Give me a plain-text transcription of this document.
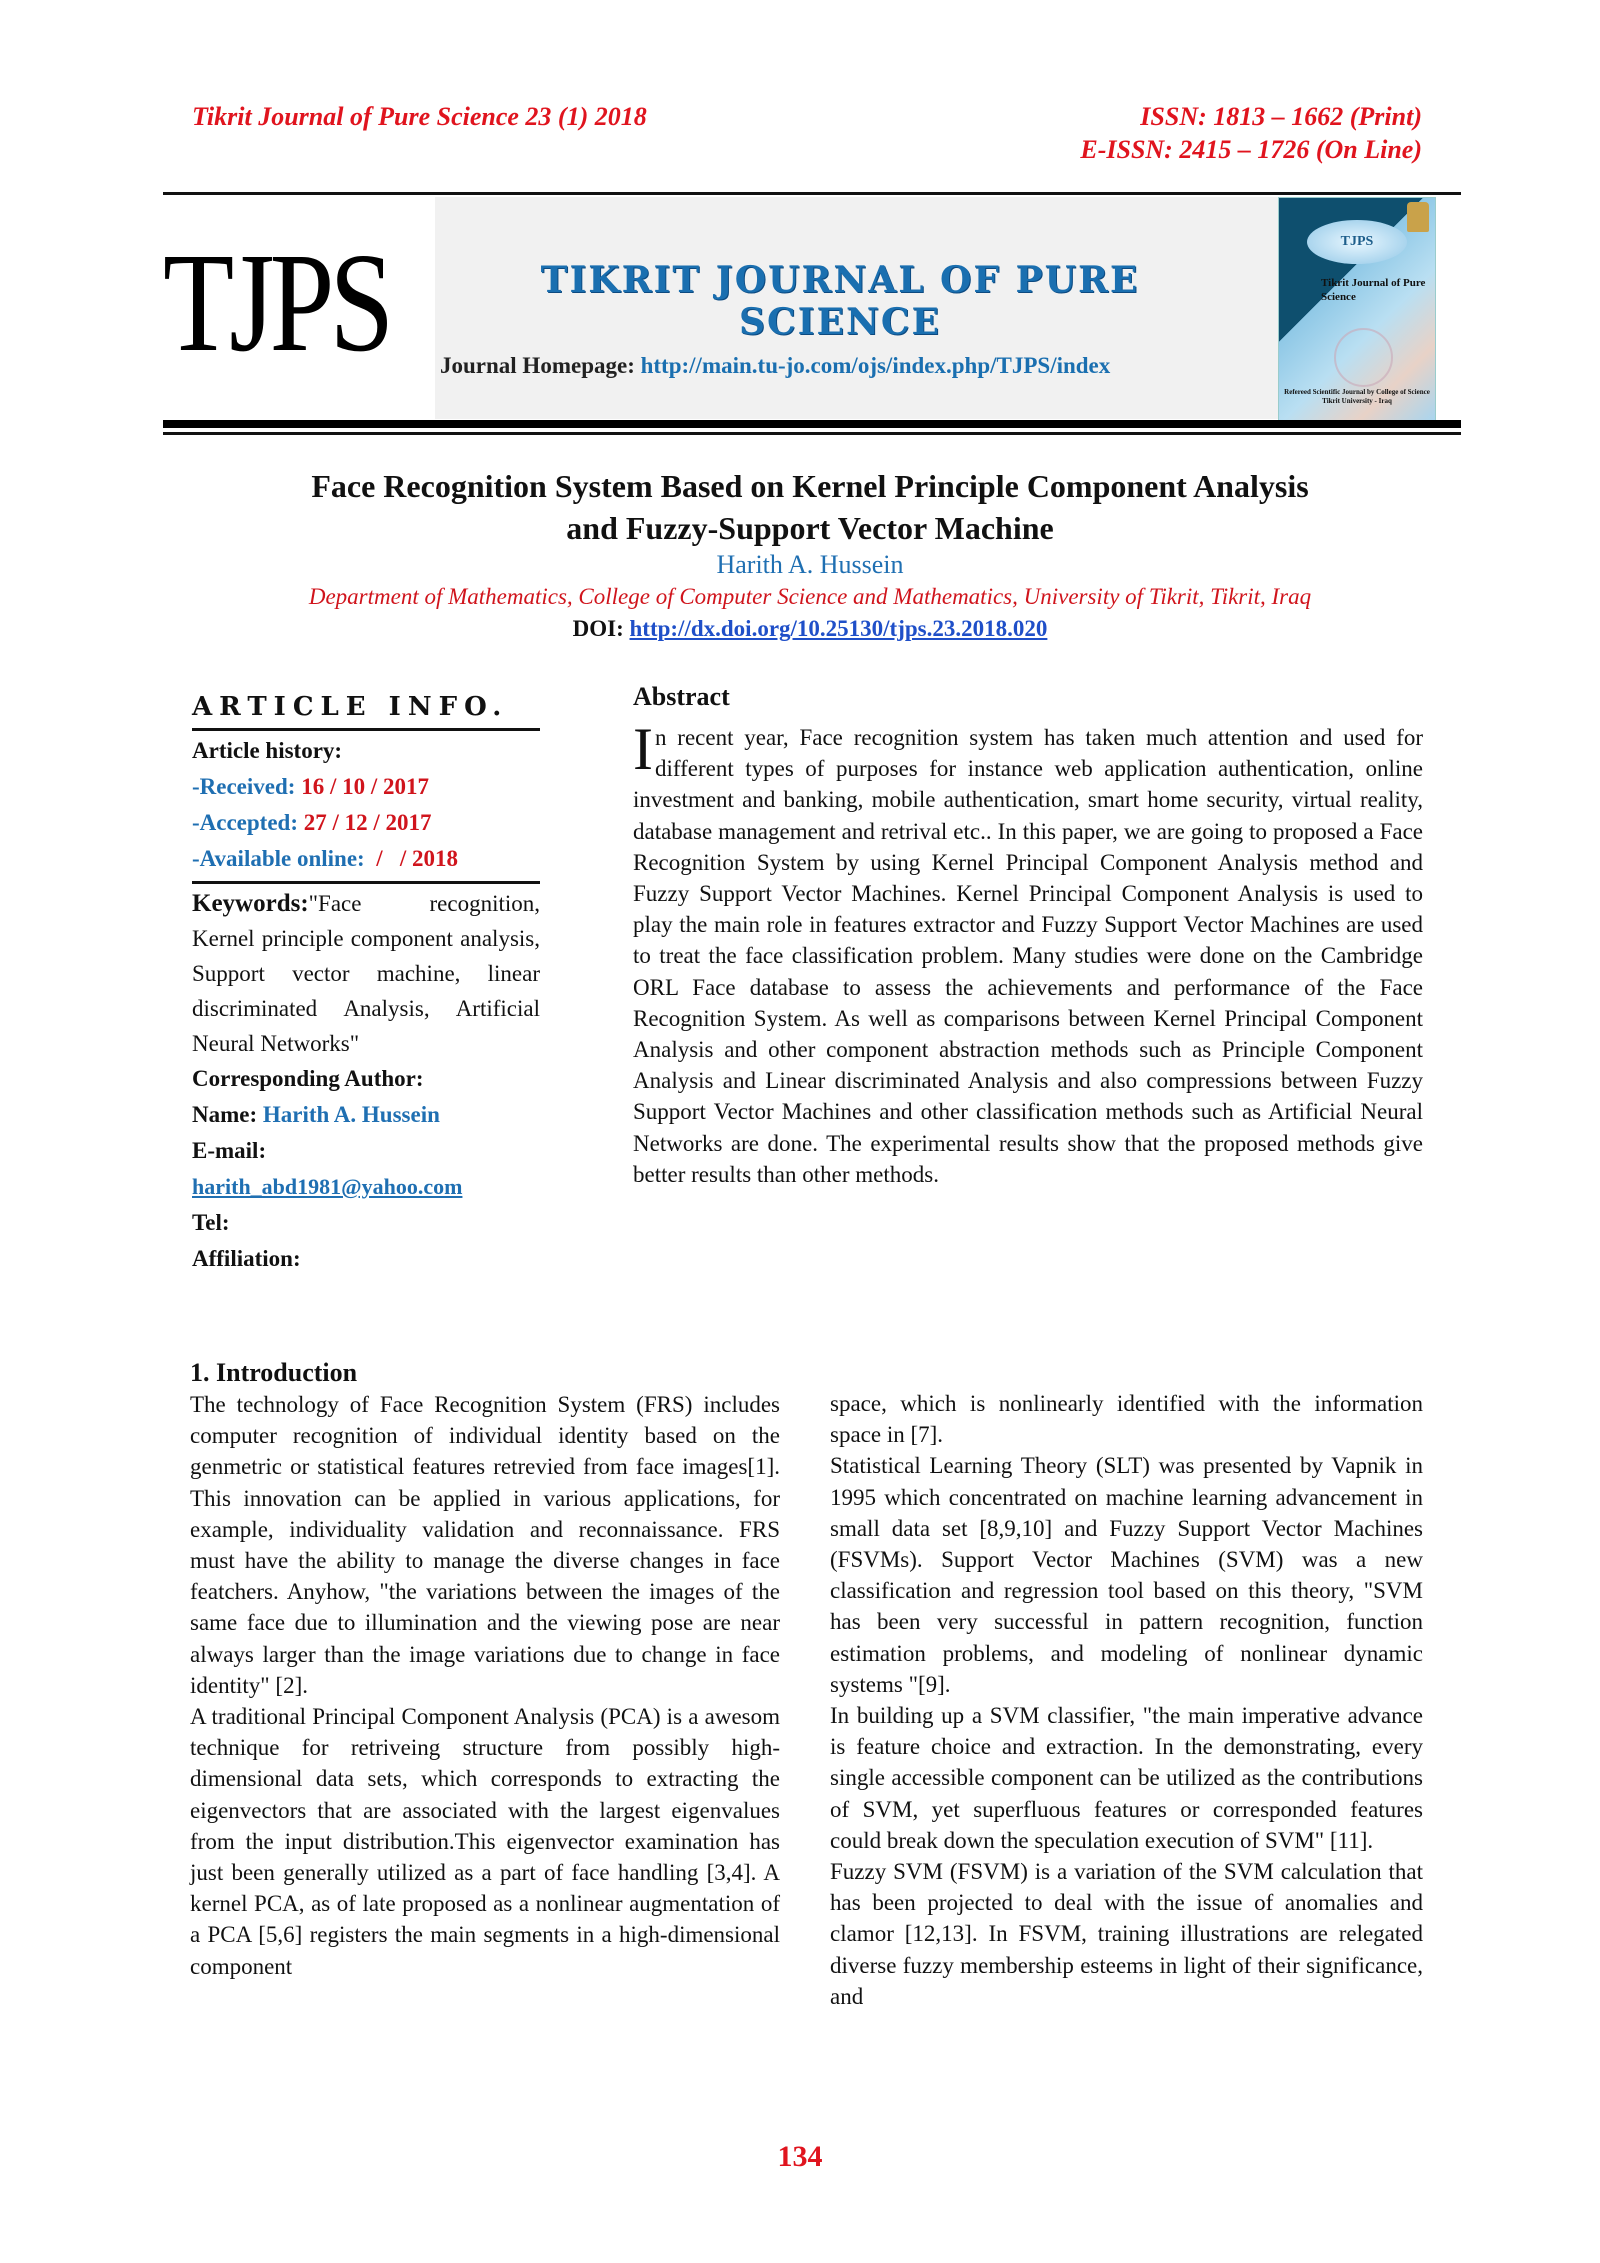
Tikrit Journal of Pure Science 23 (1) 2018	ISSN: 1813 – 1662 (Print)
E-ISSN: 2415 – 1726 (On Line)
TJPS	TIKRIT JOURNAL OF PURE SCIENCE
Journal Homepage: http://main.tu-jo.com/ojs/index.php/TJPS/index
TJPS
Tikrit Journal of Pure Science
Refereed Scientific Journal by College of Science Tikrit University - Iraq
Face Recognition System Based on Kernel Principle Component Analysis
and Fuzzy-Support Vector Machine
Harith A. Hussein
Department of Mathematics, College of Computer Science and Mathematics, University of Tikrit, Tikrit, Iraq
DOI: http://dx.doi.org/10.25130/tjps.23.2018.020
ARTICLE INFO.
Article history:
-Received: 16 / 10 / 2017
-Accepted: 27 / 12 / 2017
-Available online:  /   / 2018
Keywords:"Face recognition, Kernel principle component analysis, Support vector machine, linear discriminated Analysis, Artificial Neural Networks"
Corresponding Author:
Name: Harith A. Hussein
E-mail:
harith_abd1981@yahoo.com
Tel:
Affiliation:
Abstract
In recent year, Face recognition system has taken much attention and used for different types of purposes for instance web application authentication, online investment and banking, mobile authentication, smart home security, virtual reality, database management and retrival etc.. In this paper, we are going to proposed a Face Recognition System by using Kernel Principal Component Analysis method and Fuzzy Support Vector Machines. Kernel Principal Component Analysis is used to play the main role in features extractor and Fuzzy Support Vector Machines are used to treat the face classification problem. Many studies were done on the Cambridge ORL Face database to assess the achievements and performance of the Face Recognition System. As well as comparisons between Kernel Principal Component Analysis and other component abstraction methods such as Principle Component Analysis and Linear discriminated Analysis and also compressions between Fuzzy Support Vector Machines and other classification methods such as Artificial Neural Networks are done. The experimental results show that the proposed methods give better results than other methods.
1. Introduction

The technology of Face Recognition System (FRS) includes computer recognition of individual identity based on the genmetric or statistical features retrevied from face images[1]. This innovation can be applied in various applications, for example, individuality validation and reconnaissance. FRS must have the ability to manage the diverse changes in face featchers. Anyhow, "the variations between the images of the same face due to illumination and the viewing pose are near always larger than the image variations due to change in face identity" [2].

A traditional Principal Component Analysis (PCA) is a awesom technique for retriveing structure from possibly high-dimensional data sets, which corresponds to extracting the eigenvectors that are associated with the largest eigenvalues from the input distribution.This eigenvector examination has just been generally utilized as a part of face handling [3,4]. A kernel PCA, as of late proposed as a nonlinear augmentation of a PCA [5,6] registers the main segments in a high-dimensional component

space, which is nonlinearly identified with the information space in [7].

Statistical Learning Theory (SLT) was presented by Vapnik in 1995 which concentrated on machine learning advancement in small data set [8,9,10] and Fuzzy Support Vector Machines (FSVMs). Support Vector Machines (SVM) was a new classification and regression tool based on this theory, "SVM has been very successful in pattern recognition, function estimation problems, and modeling of nonlinear dynamic systems "[9].

In building up a SVM classifier, "the main imperative advance is feature choice and extraction. In the demonstrating, every single accessible component can be utilized as the contributions of SVM, yet superfluous features or corresponded features could break down the speculation execution of SVM" [11].

Fuzzy SVM (FSVM) is a variation of the SVM calculation that has been projected to deal with the issue of anomalies and clamor [12,13]. In FSVM, training illustrations are relegated diverse fuzzy membership esteems in light of their significance, and

134
